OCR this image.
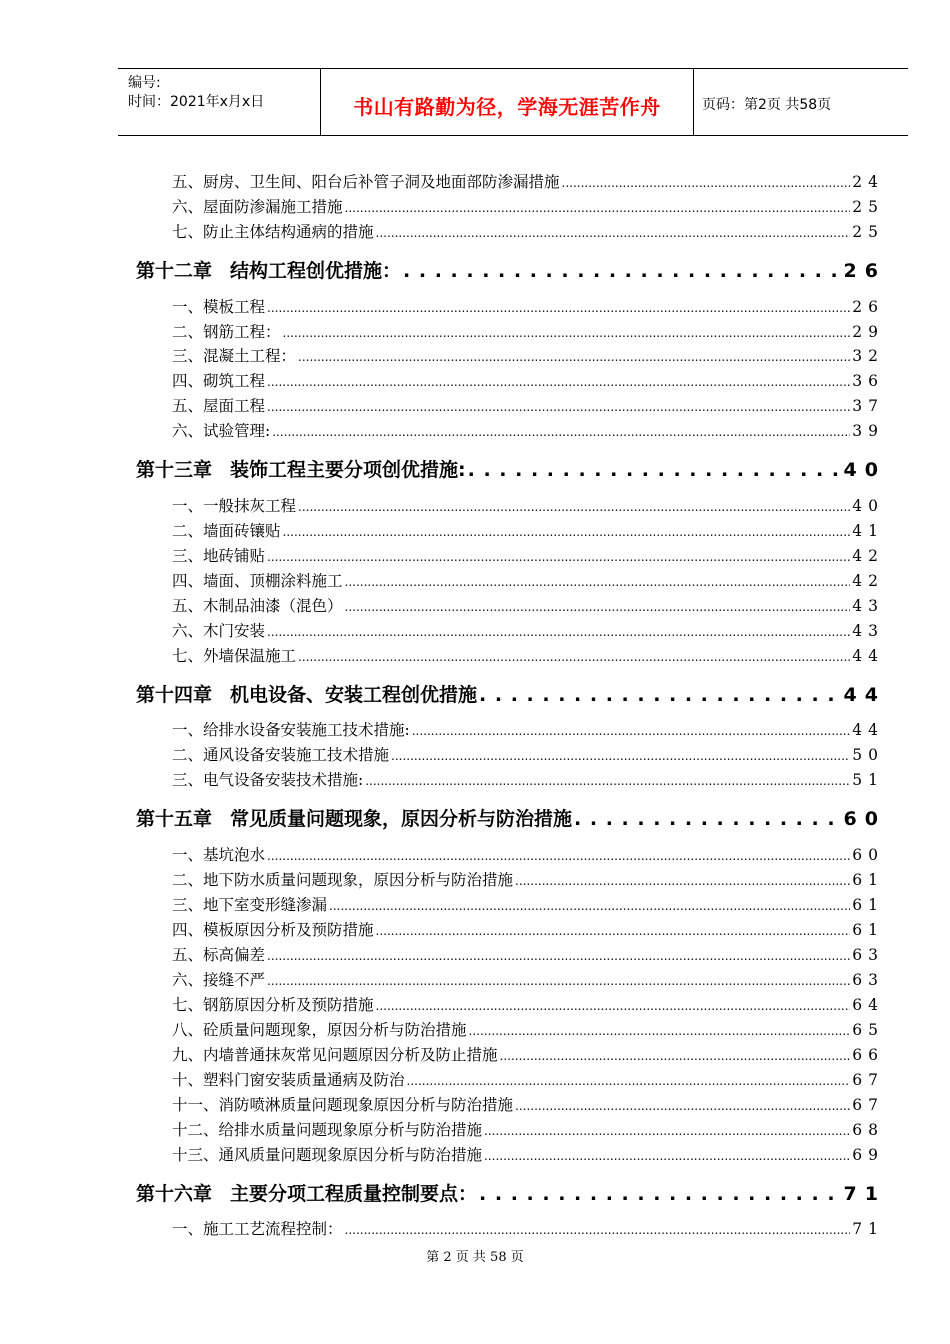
编号:
时间：2021年x月x日	书山有路勤为径，学海无涯苦作舟	页码：第2页 共58页
五、厨房、卫生间、阳台后补管子洞及地面部防渗漏措施 .....	24
六、屋面防渗漏施工措施 .....	25
七、防止主体结构通病的措施 .....	25
第十二章 结构工程创优措施： . . .	26
一、模板工程 .....	26
二、钢筋工程： .....	29
三、混凝土工程： .....	32
四、砌筑工程 .....	36
五、屋面工程 .....	37
六、试验管理: .....	39
第十三章 装饰工程主要分项创优措施: . . .	40
一、一般抹灰工程 .....	40
二、墙面砖镶贴 .....	41
三、地砖铺贴 .....	42
四、墙面、顶棚涂料施工 .....	42
五、木制品油漆（混色） .....	43
六、木门安装 .....	43
七、外墙保温施工 .....	44
第十四章 机电设备、安装工程创优措施 . . .	44
一、给排水设备安装施工技术措施: .....	44
二、通风设备安装施工技术措施 .....	50
三、电气设备安装技术措施: .....	51
第十五章 常见质量问题现象，原因分析与防治措施 . . .	60
一、基坑泡水 .....	60
二、地下防水质量问题现象，原因分析与防治措施 .....	61
三、地下室变形缝渗漏 .....	61
四、模板原因分析及预防措施 .....	61
五、标高偏差 .....	63
六、接缝不严 .....	63
七、钢筋原因分析及预防措施 .....	64
八、砼质量问题现象，原因分析与防治措施 .....	65
九、内墙普通抹灰常见问题原因分析及防止措施 .....	66
十、塑料门窗安装质量通病及防治 .....	67
十一、消防喷淋质量问题现象原因分析与防治措施 .....	67
十二、给排水质量问题现象原分析与防治措施 .....	68
十三、通风质量问题现象原因分析与防治措施 .....	69
第十六章 主要分项工程质量控制要点： . . .	71
一、施工工艺流程控制： .....	71
第 2 页 共 58 页
